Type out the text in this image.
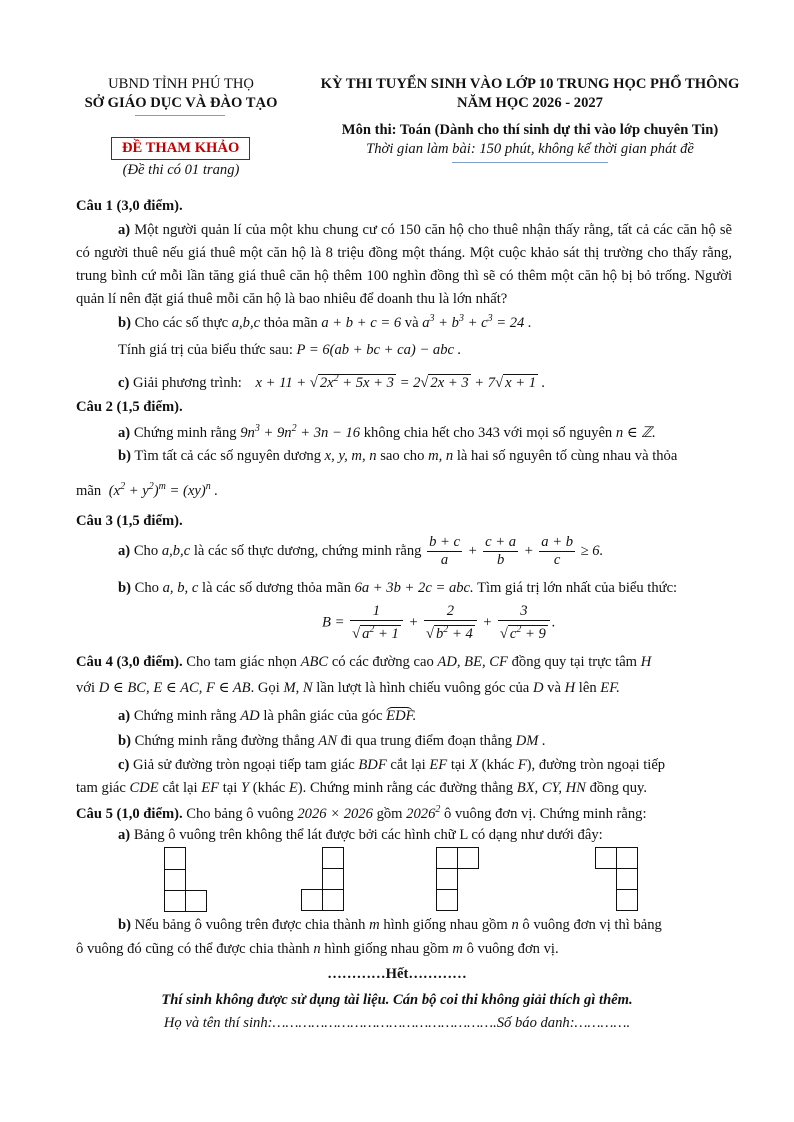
UBND TỈNH PHÚ THỌ
SỞ GIÁO DỤC VÀ ĐÀO TẠO
ĐỀ THAM KHẢO
(Đề thi có 01 trang)
KỲ THI TUYỂN SINH VÀO LỚP 10 TRUNG HỌC PHỔ THÔNG
NĂM HỌC 2026 - 2027
Môn thi: Toán (Dành cho thí sinh dự thi vào lớp chuyên Tin)
Thời gian làm bài: 150 phút, không kể thời gian phát đề
Câu 1 (3,0 điểm).
a) Một người quản lí của một khu chung cư có 150 căn hộ cho thuê nhận thấy rằng, tất cả các căn hộ sẽ có người thuê nếu giá thuê một căn hộ là 8 triệu đồng một tháng. Một cuộc khảo sát thị trường cho thấy rằng, trung bình cứ mỗi lần tăng giá thuê căn hộ thêm 100 nghìn đồng thì sẽ có thêm một căn hộ bị bỏ trống. Người quản lí nên đặt giá thuê mỗi căn hộ là bao nhiêu để doanh thu là lớn nhất?
b) Cho các số thực a,b,c thỏa mãn a + b + c = 6 và $a^3 + b^3 + c^3 = 24$ .
Tính giá trị của biểu thức sau: P = 6(ab + bc + ca) − abc .
c) Giải phương trình: x + 11 + √ $2x^2 + 5x + 3 = 2√$ 2x + 3 + 7√ x + 1 .
Câu 2 (1,5 điểm).
a) Chứng minh rằng $9n^3 + 9n^2 + 3n - 16$ không chia hết cho 343 với mọi số nguyên n ∈ ℤ.
b) Tìm tất cả các số nguyên dương x, y, m, n sao cho m, n là hai số nguyên tố cùng nhau và thỏa
mãn $(x^2 + y^2)^m = (xy)^n$ .
Câu 3 (1,5 điểm).
a) Cho a,b,c là các số thực dương, chứng minh rằng $\frac{b + c}{a} + \frac{c + a}{b} + \frac{a + b}{c} \ge 6$.
b) Cho a, b, c là các số dương thỏa mãn 6a + 3b + 2c = abc. Tìm giá trị lớn nhất của biểu thức:
$B = \frac{1}{√ a^2 + 1} + \frac{2}{√ b^2 + 4} + \frac{3}{√ c^2 + 9}$ .
Câu 4 (3,0 điểm). Cho tam giác nhọn ABC có các đường cao AD, BE, CF đồng quy tại trực tâm H
với D ∈ BC, E ∈ AC, F ∈ AB. Gọi M, N lần lượt là hình chiếu vuông góc của D và H lên EF.
a) Chứng minh rằng AD là phân giác của góc EDF.
b) Chứng minh rằng đường thẳng AN đi qua trung điểm đoạn thẳng DM .
c) Giả sử đường tròn ngoại tiếp tam giác BDF cắt lại EF tại X (khác F), đường tròn ngoại tiếp
tam giác CDE cắt lại EF tại Y (khác E). Chứng minh rằng các đường thẳng BX, CY, HN đồng quy.
Câu 5 (1,0 điểm). Cho bảng ô vuông 2026 × 2026 gồm 2026$^2$ ô vuông đơn vị. Chứng minh rằng:
a) Bảng ô vuông trên không thể lát được bởi các hình chữ L có dạng như dưới đây:
b) Nếu bảng ô vuông trên được chia thành m hình giống nhau gồm n ô vuông đơn vị thì bảng
ô vuông đó cũng có thể được chia thành n hình giống nhau gồm m ô vuông đơn vị.
…………Hết…………
Thí sinh không được sử dụng tài liệu. Cán bộ coi thi không giải thích gì thêm.
Họ và tên thí sinh:…………………………………………….Số báo danh:………….
